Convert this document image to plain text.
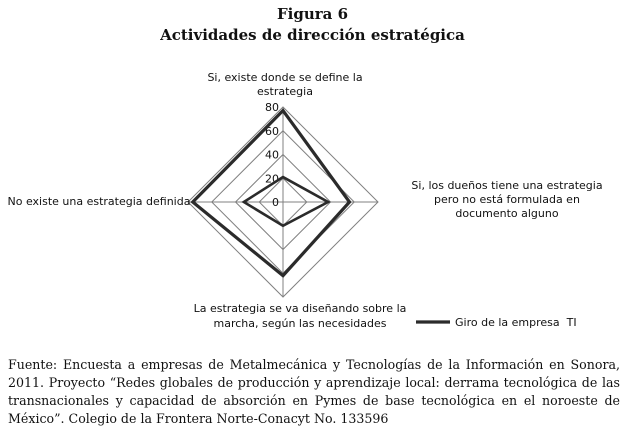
Figura 6
Actividades de dirección estratégica
0
20
40
60
80
Si, existe donde se define la estrategia
Si, los dueños tiene una estrategia pero no está formulada en documento alguno
La estrategia se va diseñando sobre la marcha, según las necesidades
No existe una estrategia definida
Giro de la empresa  TI
Fuente: Encuesta a empresas de Metalmecánica y Tecnologías de la Información en Sonora, 2011. Proyecto “Redes globales de producción y aprendizaje local: derrama tecnológica de las transnacionales y capacidad de absorción en Pymes de base tecnológica en el noroeste de México”. Colegio de la Frontera Norte-Conacyt No. 133596
